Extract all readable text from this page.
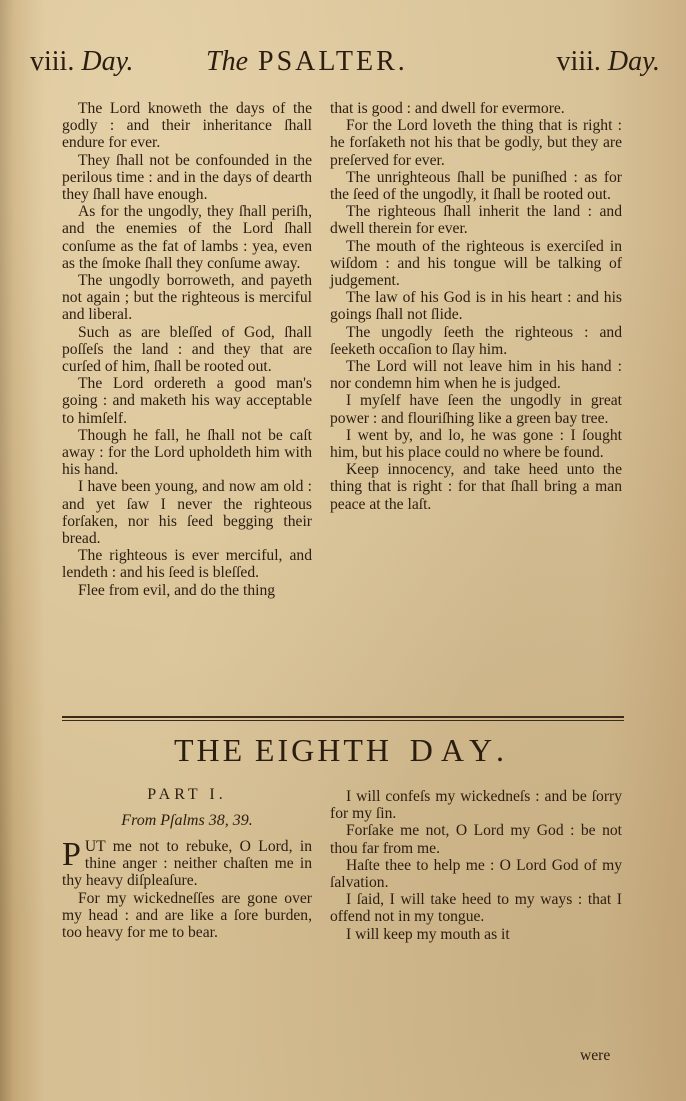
viii. Day.	The PSALTER.	viii. Day.

The Lord knoweth the days of the godly : and their inheritance ſhall endure for ever.

They ſhall not be confounded in the perilous time : and in the days of dearth they ſhall have enough.

As for the ungodly, they ſhall periſh, and the enemies of the Lord ſhall conſume as the fat of lambs : yea, even as the ſmoke ſhall they conſume away.

The ungodly borroweth, and payeth not again ; but the righteous is merciful and liberal.

Such as are bleſſed of God, ſhall poſſeſs the land : and they that are curſed of him, ſhall be rooted out.

The Lord ordereth a good man's going : and maketh his way acceptable to himſelf.

Though he fall, he ſhall not be caſt away : for the Lord upholdeth him with his hand.

I have been young, and now am old : and yet ſaw I never the righteous forſaken, nor his ſeed begging their bread.

The righteous is ever merciful, and lendeth : and his ſeed is bleſſed.

Flee from evil, and do the thing

that is good : and dwell for evermore.

For the Lord loveth the thing that is right : he forſaketh not his that be godly, but they are preſerved for ever.

The unrighteous ſhall be puniſhed : as for the ſeed of the ungodly, it ſhall be rooted out.

The righteous ſhall inherit the land : and dwell therein for ever.

The mouth of the righteous is exerciſed in wiſdom : and his tongue will be talking of judgement.

The law of his God is in his heart : and his goings ſhall not ſlide.

The ungodly ſeeth the righteous : and ſeeketh occaſion to ſlay him.

The Lord will not leave him in his hand : nor condemn him when he is judged.

I myſelf have ſeen the ungodly in great power : and flouriſhing like a green bay tree.

I went by, and lo, he was gone : I ſought him, but his place could no where be found.

Keep innocency, and take heed unto the thing that is right : for that ſhall bring a man peace at the laſt.

THE EIGHTH DAY.
PART I.
From Pſalms 38, 39.

PUT me not to rebuke, O Lord, in thine anger : neither chaſten me in thy heavy diſpleaſure.

For my wickedneſſes are gone over my head : and are like a ſore burden, too heavy for me to bear.

I will confeſs my wickedneſs : and be ſorry for my ſin.

Forſake me not, O Lord my God : be not thou far from me.

Haſte thee to help me : O Lord God of my ſalvation.

I ſaid, I will take heed to my ways : that I offend not in my tongue.

I will keep my mouth as it

were
